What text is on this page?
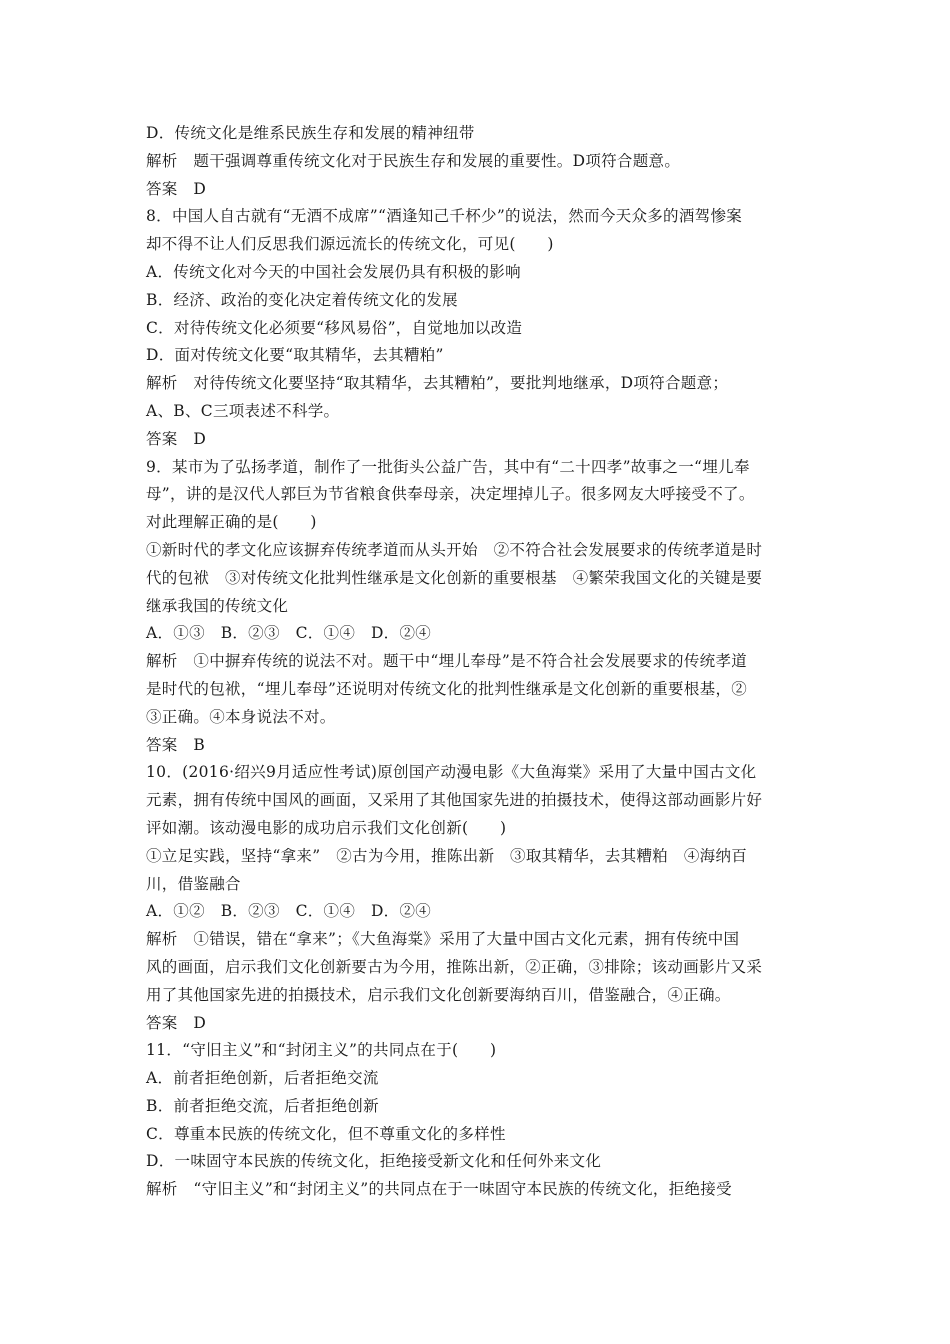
D．传统文化是维系民族生存和发展的精神纽带
解析　题干强调尊重传统文化对于民族生存和发展的重要性。D项符合题意。
答案　D
8．中国人自古就有“无酒不成席”“酒逢知己千杯少”的说法，然而今天众多的酒驾惨案
却不得不让人们反思我们源远流长的传统文化，可见(　　)
A．传统文化对今天的中国社会发展仍具有积极的影响
B．经济、政治的变化决定着传统文化的发展
C．对待传统文化必须要“移风易俗”，自觉地加以改造
D．面对传统文化要“取其精华，去其糟粕”
解析　对待传统文化要坚持“取其精华，去其糟粕”，要批判地继承，D项符合题意；
A、B、C三项表述不科学。
答案　D
9．某市为了弘扬孝道，制作了一批街头公益广告，其中有“二十四孝”故事之一“埋儿奉
母”，讲的是汉代人郭巨为节省粮食供奉母亲，决定埋掉儿子。很多网友大呼接受不了。
对此理解正确的是(　　)
①新时代的孝文化应该摒弃传统孝道而从头开始　②不符合社会发展要求的传统孝道是时
代的包袱　③对传统文化批判性继承是文化创新的重要根基　④繁荣我国文化的关键是要
继承我国的传统文化
A．①③　B．②③　C．①④　D．②④
解析　①中摒弃传统的说法不对。题干中“埋儿奉母”是不符合社会发展要求的传统孝道
是时代的包袱，“埋儿奉母”还说明对传统文化的批判性继承是文化创新的重要根基，②
③正确。④本身说法不对。
答案　B
10．(2016·绍兴9月适应性考试)原创国产动漫电影《大鱼海棠》采用了大量中国古文化
元素，拥有传统中国风的画面，又采用了其他国家先进的拍摄技术，使得这部动画影片好
评如潮。该动漫电影的成功启示我们文化创新(　　)
①立足实践，坚持“拿来”　②古为今用，推陈出新　③取其精华，去其糟粕　④海纳百
川，借鉴融合
A．①②　B．②③　C．①④　D．②④
解析　①错误，错在“拿来”；《大鱼海棠》采用了大量中国古文化元素，拥有传统中国
风的画面，启示我们文化创新要古为今用，推陈出新，②正确，③排除；该动画影片又采
用了其他国家先进的拍摄技术，启示我们文化创新要海纳百川，借鉴融合，④正确。
答案　D
11．“守旧主义”和“封闭主义”的共同点在于(　　)
A．前者拒绝创新，后者拒绝交流
B．前者拒绝交流，后者拒绝创新
C．尊重本民族的传统文化，但不尊重文化的多样性
D．一味固守本民族的传统文化，拒绝接受新文化和任何外来文化
解析　“守旧主义”和“封闭主义”的共同点在于一味固守本民族的传统文化，拒绝接受
